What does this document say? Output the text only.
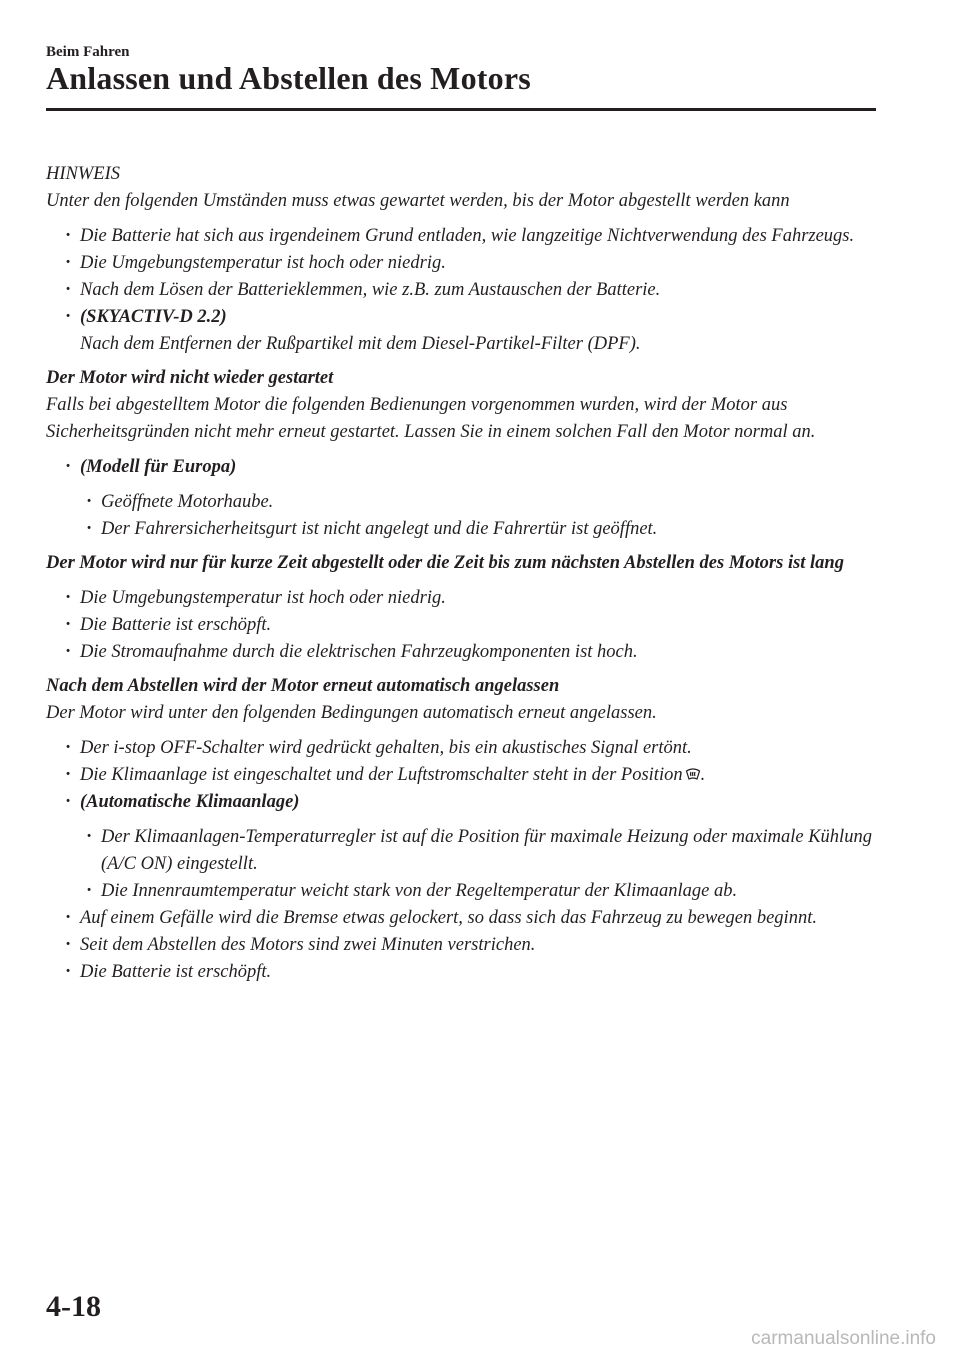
Beim Fahren
Anlassen und Abstellen des Motors

HINWEIS

Unter den folgenden Umständen muss etwas gewartet werden, bis der Motor abgestellt werden kann

· Die Batterie hat sich aus irgendeinem Grund entladen, wie langzeitige Nichtverwendung des Fahrzeugs.
· Die Umgebungstemperatur ist hoch oder niedrig.
· Nach dem Lösen der Batterieklemmen, wie z.B. zum Austauschen der Batterie.
· (SKYACTIV-D 2.2)
Nach dem Entfernen der Rußpartikel mit dem Diesel-Partikel-Filter (DPF).

Der Motor wird nicht wieder gestartet

Falls bei abgestelltem Motor die folgenden Bedienungen vorgenommen wurden, wird der Motor aus Sicherheitsgründen nicht mehr erneut gestartet. Lassen Sie in einem solchen Fall den Motor normal an.

· (Modell für Europa)
· Geöffnete Motorhaube.
· Der Fahrersicherheitsgurt ist nicht angelegt und die Fahrertür ist geöffnet.

Der Motor wird nur für kurze Zeit abgestellt oder die Zeit bis zum nächsten Abstellen des Motors ist lang

· Die Umgebungstemperatur ist hoch oder niedrig.
· Die Batterie ist erschöpft.
· Die Stromaufnahme durch die elektrischen Fahrzeugkomponenten ist hoch.

Nach dem Abstellen wird der Motor erneut automatisch angelassen

Der Motor wird unter den folgenden Bedingungen automatisch erneut angelassen.

· Der i-stop OFF-Schalter wird gedrückt gehalten, bis ein akustisches Signal ertönt.
· Die Klimaanlage ist eingeschaltet und der Luftstromschalter steht in der Position .
· (Automatische Klimaanlage)
· Der Klimaanlagen-Temperaturregler ist auf die Position für maximale Heizung oder maximale Kühlung (A/C ON) eingestellt.
· Die Innenraumtemperatur weicht stark von der Regeltemperatur der Klimaanlage ab.
· Auf einem Gefälle wird die Bremse etwas gelockert, so dass sich das Fahrzeug zu bewegen beginnt.
· Seit dem Abstellen des Motors sind zwei Minuten verstrichen.
· Die Batterie ist erschöpft.
4-18
carmanualsonline.info
